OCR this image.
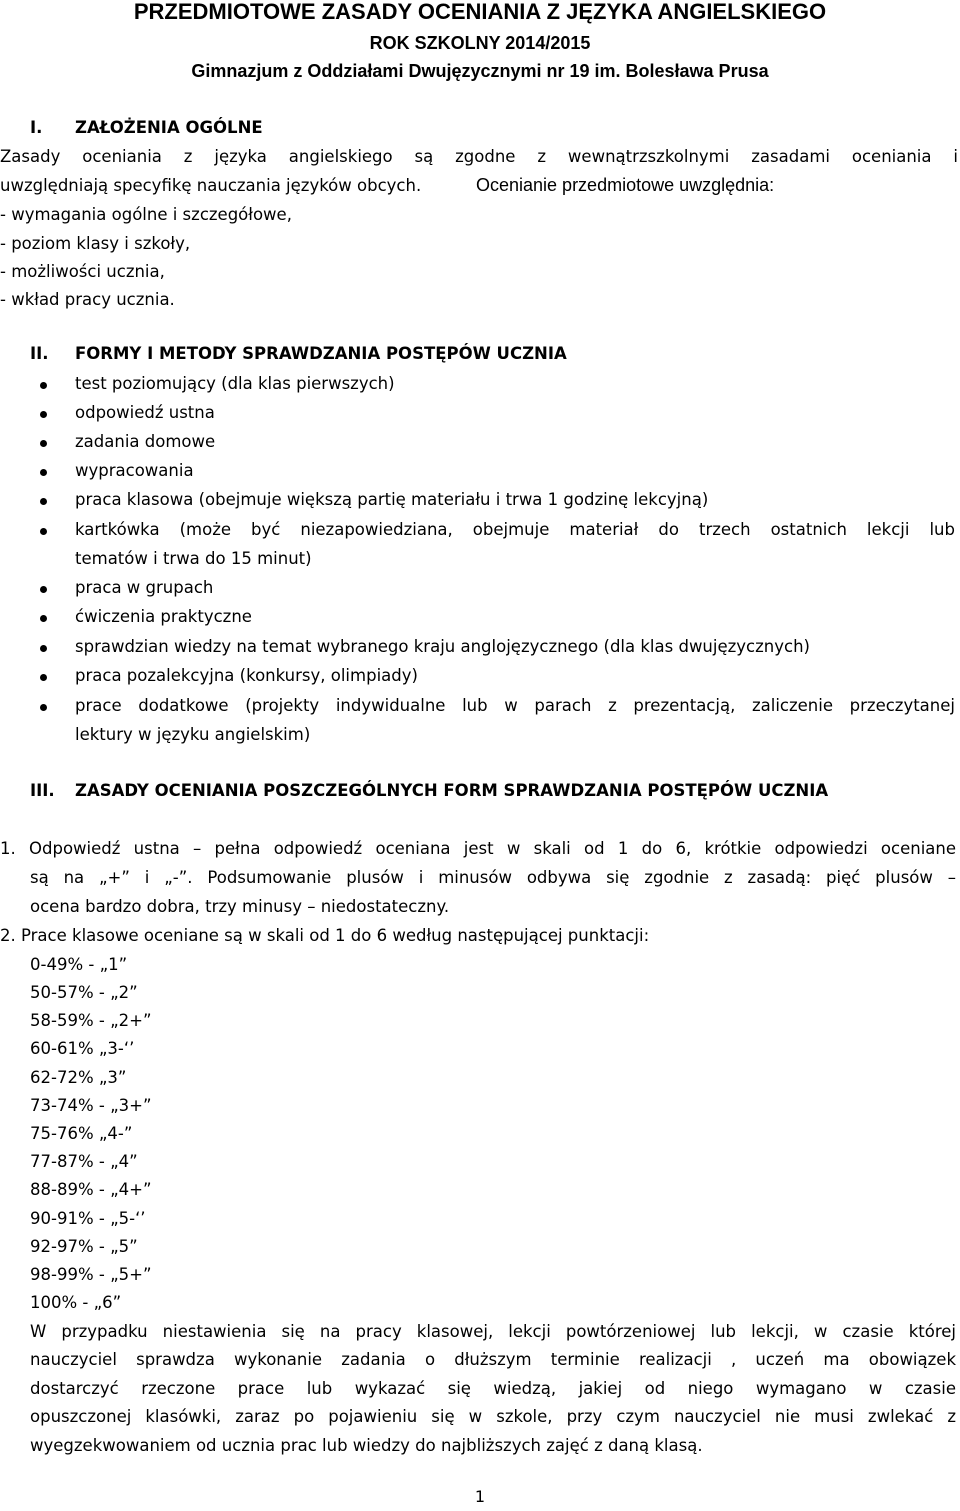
PRZEDMIOTOWE ZASADY OCENIANIA Z JĘZYKA ANGIELSKIEGO
ROK SZKOLNY 2014/2015
Gimnazjum z Oddziałami Dwujęzycznymi nr 19 im. Bolesława Prusa
I. ZAŁOŻENIA OGÓLNE
Zasady oceniania z języka angielskiego są zgodne z wewnątrzszkolnymi zasadami oceniania i
uwzględniają specyfikę nauczania języków obcych.	Ocenianie przedmiotowe uwzględnia:
- wymagania ogólne i szczegółowe,
- poziom klasy i szkoły,
- możliwości ucznia,
- wkład pracy ucznia.
II. FORMY I METODY SPRAWDZANIA POSTĘPÓW UCZNIA
test poziomujący (dla klas pierwszych)
odpowiedź ustna
zadania domowe
wypracowania
praca klasowa (obejmuje większą partię materiału i trwa 1 godzinę lekcyjną)
kartkówka (może być niezapowiedziana, obejmuje materiał do trzech ostatnich lekcji lub
tematów i trwa do 15 minut)
praca w grupach
ćwiczenia praktyczne
sprawdzian wiedzy na temat wybranego kraju anglojęzycznego (dla klas dwujęzycznych)
praca pozalekcyjna (konkursy, olimpiady)
prace dodatkowe (projekty indywidualne lub w parach z prezentacją, zaliczenie przeczytanej
lektury w języku angielskim)
III. ZASADY OCENIANIA POSZCZEGÓLNYCH FORM SPRAWDZANIA POSTĘPÓW UCZNIA
1. Odpowiedź ustna – pełna odpowiedź oceniana jest w skali od 1 do 6, krótkie odpowiedzi oceniane
są na „+” i „-”. Podsumowanie plusów i minusów odbywa się zgodnie z zasadą: pięć plusów –
ocena bardzo dobra, trzy minusy – niedostateczny.
2. Prace klasowe oceniane są w skali od 1 do 6 według następującej punktacji:
0-49% - „1”
50-57% - „2”
58-59% - „2+”
60-61% „3-‘’
62-72% „3”
73-74% - „3+”
75-76% „4-”
77-87% - „4”
88-89% - „4+”
90-91% - „5-‘’
92-97% - „5”
98-99% - „5+”
100% - „6”
W przypadku niestawienia się na pracy klasowej, lekcji powtórzeniowej lub lekcji, w czasie której
nauczyciel sprawdza wykonanie zadania o dłuższym terminie realizacji , uczeń ma obowiązek
dostarczyć rzeczone prace lub wykazać się wiedzą, jakiej od niego wymagano w czasie
opuszczonej klasówki, zaraz po pojawieniu się w szkole, przy czym nauczyciel nie musi zwlekać z
wyegzekwowaniem od ucznia prac lub wiedzy do najbliższych zajęć z daną klasą.
1
